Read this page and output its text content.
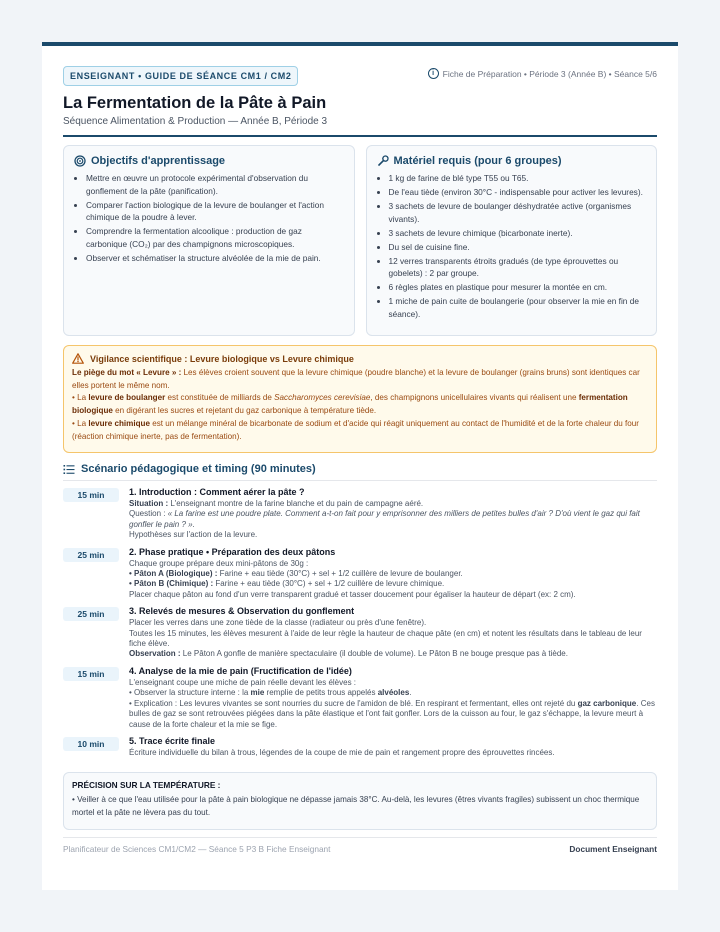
ENSEIGNANT • GUIDE DE SÉANCE CM1 / CM2	i	Fiche de Préparation • Période 3 (Année B) • Séance 5/6
La Fermentation de la Pâte à Pain
Séquence Alimentation & Production — Année B, Période 3
Objectifs d'apprentissage
• Mettre en œuvre un protocole expérimental d'observation du gonflement de la pâte (panification).
• Comparer l'action biologique de la levure de boulanger et l'action chimique de la poudre à lever.
• Comprendre la fermentation alcoolique : production de gaz carbonique (CO₂) par des champignons microscopiques.
• Observer et schématiser la structure alvéolée de la mie de pain.
Matériel requis (pour 6 groupes)
• 1 kg de farine de blé type T55 ou T65.
• De l'eau tiède (environ 30°C - indispensable pour activer les levures).
• 3 sachets de levure de boulanger déshydratée active (organismes vivants).
• 3 sachets de levure chimique (bicarbonate inerte).
• Du sel de cuisine fine.
• 12 verres transparents étroits gradués (de type éprouvettes ou gobelets) : 2 par groupe.
• 6 règles plates en plastique pour mesurer la montée en cm.
• 1 miche de pain cuite de boulangerie (pour observer la mie en fin de séance).
Vigilance scientifique : Levure biologique vs Levure chimique

Le piège du mot « Levure » : Les élèves croient souvent que la levure chimique (poudre blanche) et la levure de boulanger (grains bruns) sont identiques car elles portent le même nom.

• La levure de boulanger est constituée de milliards de Saccharomyces cerevisiae, des champignons unicellulaires vivants qui réalisent une fermentation biologique en digérant les sucres et rejetant du gaz carbonique à température tiède.

• La levure chimique est un mélange minéral de bicarbonate de sodium et d'acide qui réagit uniquement au contact de l'humidité et de la forte chaleur du four (réaction chimique inerte, pas de fermentation).

Scénario pédagogique et timing (90 minutes)
15 min	1. Introduction : Comment aérer la pâte ?
Situation : L'enseignant montre de la farine blanche et du pain de campagne aéré.
Question : « La farine est une poudre plate. Comment a-t-on fait pour y emprisonner des milliers de petites bulles d'air ? D'où vient le gaz qui fait gonfler le pain ? ».
Hypothèses sur l'action de la levure.
25 min	2. Phase pratique • Préparation des deux pâtons
Chaque groupe prépare deux mini-pâtons de 30g :
• Pâton A (Biologique) : Farine + eau tiède (30°C) + sel + 1/2 cuillère de levure de boulanger.
• Pâton B (Chimique) : Farine + eau tiède (30°C) + sel + 1/2 cuillère de levure chimique.
Placer chaque pâton au fond d'un verre transparent gradué et tasser doucement pour égaliser la hauteur de départ (ex: 2 cm).
25 min	3. Relevés de mesures & Observation du gonflement
Placer les verres dans une zone tiède de la classe (radiateur ou près d'une fenêtre).
Toutes les 15 minutes, les élèves mesurent à l'aide de leur règle la hauteur de chaque pâte (en cm) et notent les résultats dans le tableau de leur fiche élève.
Observation : Le Pâton A gonfle de manière spectaculaire (il double de volume). Le Pâton B ne bouge presque pas à tiède.
15 min	4. Analyse de la mie de pain (Fructification de l'idée)
L'enseignant coupe une miche de pain réelle devant les élèves :
• Observer la structure interne : la mie remplie de petits trous appelés alvéoles.
• Explication : Les levures vivantes se sont nourries du sucre de l'amidon de blé. En respirant et fermentant, elles ont rejeté du gaz carbonique. Ces bulles de gaz se sont retrouvées piégées dans la pâte élastique et l'ont fait gonfler. Lors de la cuisson au four, le gaz s'échappe, la levure meurt à cause de la forte chaleur et la mie se fige.
10 min	5. Trace écrite finale
Écriture individuelle du bilan à trous, légendes de la coupe de mie de pain et rangement propre des éprouvettes rincées.
PRÉCISION SUR LA TEMPÉRATURE :

• Veiller à ce que l'eau utilisée pour la pâte à pain biologique ne dépasse jamais 38°C. Au-delà, les levures (êtres vivants fragiles) subissent un choc thermique mortel et la pâte ne lèvera pas du tout.

Planificateur de Sciences CM1/CM2 — Séance 5 P3 B Fiche Enseignant	Document Enseignant
